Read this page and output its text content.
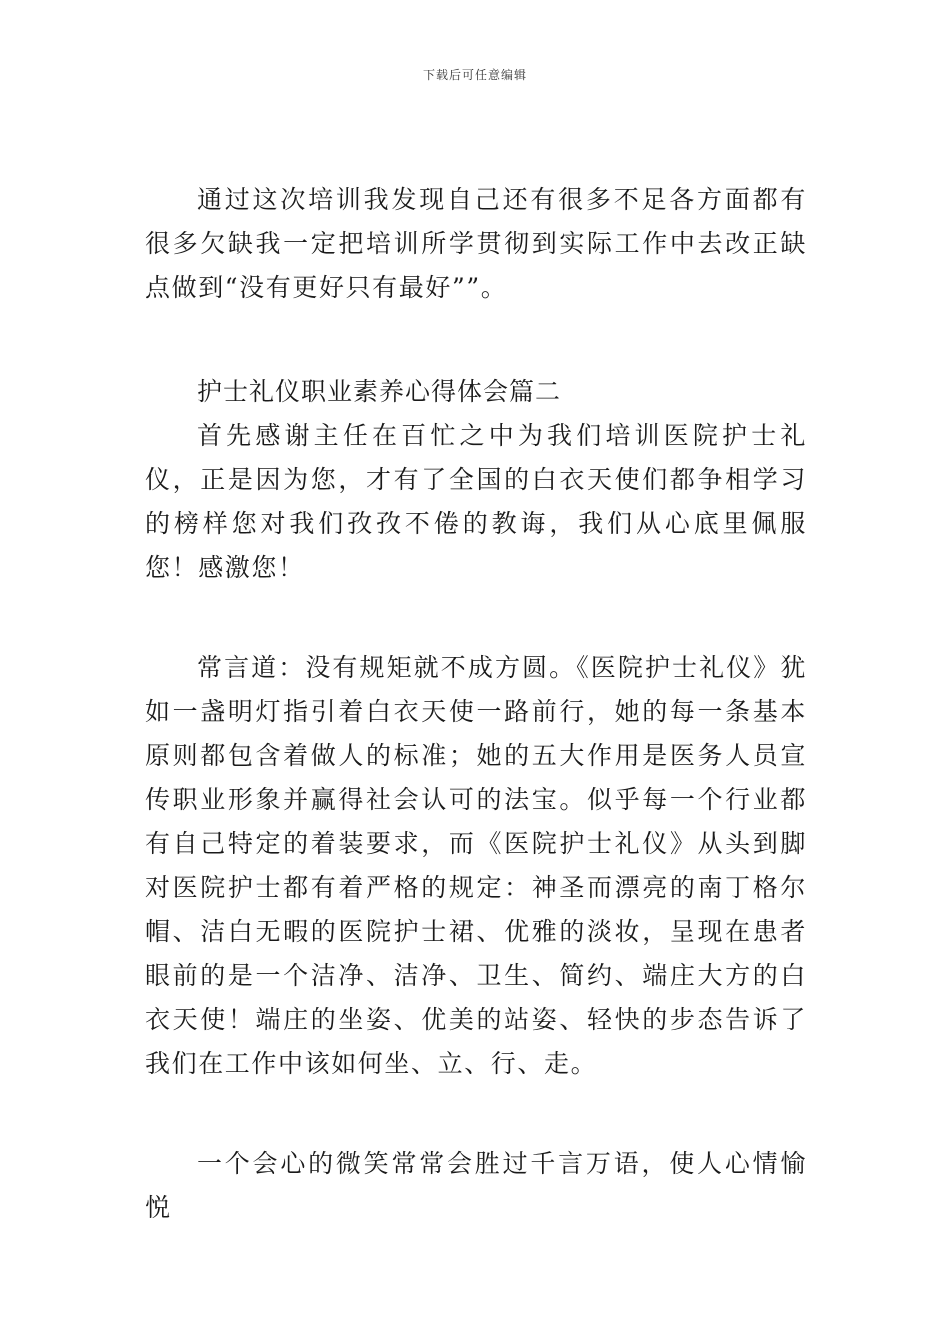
下载后可任意编辑

通过这次培训我发现自己还有很多不足各方面都有很多欠缺我一定把培训所学贯彻到实际工作中去改正缺点做到“没有更好只有最好””。

护士礼仪职业素养心得体会篇二

首先感谢主任在百忙之中为我们培训医院护士礼仪，正是因为您，才有了全国的白衣天使们都争相学习的榜样您对我们孜孜不倦的教诲，我们从心底里佩服您！感激您！

常言道：没有规矩就不成方圆。《医院护士礼仪》犹如一盏明灯指引着白衣天使一路前行，她的每一条基本原则都包含着做人的标准；她的五大作用是医务人员宣传职业形象并赢得社会认可的法宝。似乎每一个行业都有自己特定的着装要求，而《医院护士礼仪》从头到脚对医院护士都有着严格的规定：神圣而漂亮的南丁格尔帽、洁白无暇的医院护士裙、优雅的淡妆，呈现在患者眼前的是一个洁净、洁净、卫生、简约、端庄大方的白衣天使！端庄的坐姿、优美的站姿、轻快的步态告诉了我们在工作中该如何坐、立、行、走。

一个会心的微笑常常会胜过千言万语，使人心情愉悦
